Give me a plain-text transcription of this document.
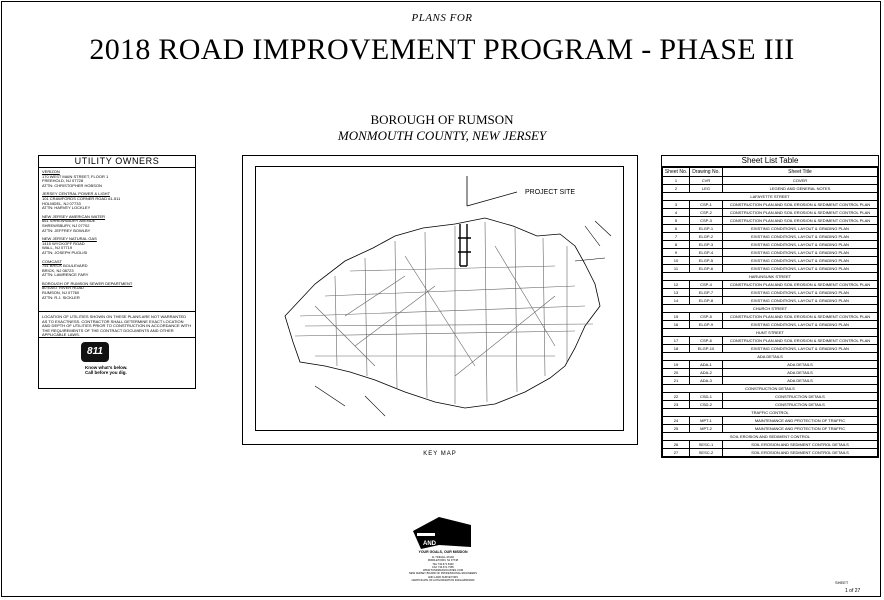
PLANS FOR
2018 ROAD IMPROVEMENT PROGRAM - PHASE III
BOROUGH OF RUMSON
MONMOUTH COUNTY, NEW JERSEY
UTILITY OWNERS
VERIZON
170 WEST MAIN STREET, FLOOR 1
FREEHOLD, NJ 07728
ATTN: CHRISTOPHER HOBSON
JERSEY CENTRAL POWER & LIGHT
101 CRAWFORDS CORNER ROAD #1-511
HOLMDEL, NJ 07733
ATTN: HARVEY LOCKLEY
NEW JERSEY AMERICAN WATER
661 SHREWSBURY AVENUE
SHREWSBURY, NJ 07702
ATTN: JEFFREY BOWLBY
NEW JERSEY NATURAL GAS
1415 WYCKOFF ROAD
WALL, NJ 07719
ATTN: JOSEPH PUGLISI
COMCAST
751 BRICK BOULEVARD
BRICK, NJ 08723
ATTN: LAWRENCE FARY
BOROUGH OF RUMSON SEWER DEPARTMENT
80 EAST RIVER ROAD
RUMSON, NJ 07760
ATTN: R.J. SICKLER
LOCATION OF UTILITIES SHOWN ON THESE PLANS ARE NOT WARRANTED AS TO EXACTNESS. CONTRACTOR SHALL DETERMINE EXACT LOCATION AND DEPTH OF UTILITIES PRIOR TO CONSTRUCTION IN ACCORDANCE WITH THE REQUIREMENTS OF THE CONTRACT DOCUMENTS AND OTHER APPLICABLE LAWS.
811
Know what's below.
Call before you dig.
PROJECT SITE
KEY MAP
Sheet List Table
Sheet No.	Drawing No.	Sheet Title
1	CVR	COVER
2	LEG	LEGEND AND GENERAL NOTES
LAFAYETTE STREET		
3	CSP-1	CONSTRUCTION PLAN AND SOIL EROSION & SEDIMENT CONTROL PLAN
4	CSP-2	CONSTRUCTION PLAN AND SOIL EROSION & SEDIMENT CONTROL PLAN
5	CSP-3	CONSTRUCTION PLAN AND SOIL EROSION & SEDIMENT CONTROL PLAN
6	ELGP-1	EXISTING CONDITIONS, LAYOUT & GRADING PLAN
7	ELGP-2	EXISTING CONDITIONS, LAYOUT & GRADING PLAN
8	ELGP-3	EXISTING CONDITIONS, LAYOUT & GRADING PLAN
9	ELGP-4	EXISTING CONDITIONS, LAYOUT & GRADING PLAN
10	ELGP-5	EXISTING CONDITIONS, LAYOUT & GRADING PLAN
11	ELGP-6	EXISTING CONDITIONS, LAYOUT & GRADING PLAN
HARUNSUNK STREET		
12	CSP-4	CONSTRUCTION PLAN AND SOIL EROSION & SEDIMENT CONTROL PLAN
13	ELGP-7	EXISTING CONDITIONS, LAYOUT & GRADING PLAN
14	ELGP-8	EXISTING CONDITIONS, LAYOUT & GRADING PLAN
CHURCH STREET		
15	CSP-5	CONSTRUCTION PLAN AND SOIL EROSION & SEDIMENT CONTROL PLAN
16	ELGP-9	EXISTING CONDITIONS, LAYOUT & GRADING PLAN
HUNT STREET		
17	CSP-6	CONSTRUCTION PLAN AND SOIL EROSION & SEDIMENT CONTROL PLAN
18	ELGP-10	EXISTING CONDITIONS, LAYOUT & GRADING PLAN
ADA DETAILS		
19	ADA-1	ADA DETAILS
20	ADA-2	ADA DETAILS
21	ADA-3	ADA DETAILS
CONSTRUCTION DETAILS		
22	CSD-1	CONSTRUCTION DETAILS
23	CSD-2	CONSTRUCTION DETAILS
TRAFFIC CONTROL		
24	MPT-1	MAINTENANCE AND PROTECTION OF TRAFFIC
25	MPT-2	MAINTENANCE AND PROTECTION OF TRAFFIC
SOIL EROSION AND SEDIMENT CONTROL		
26	SESC-1	SOIL EROSION AND SEDIMENT CONTROL DETAILS
27	SESC-2	SOIL EROSION AND SEDIMENT CONTROL DETAILS
AND
YOUR GOALS, OUR MISSION
11 TINDALL ROAD
MIDDLETOWN, NJ 07748
TEL 732.671.6400
FAX 732.671.7365
WWW.TANDMASSOCIATES.COM
NEW JERSEY BOARD OF PROFESSIONAL ENGINEERS
AND LAND SURVEYORS
CERTIFICATE OF AUTHORIZATION #24GA28001600	SHEET
1 of 27
